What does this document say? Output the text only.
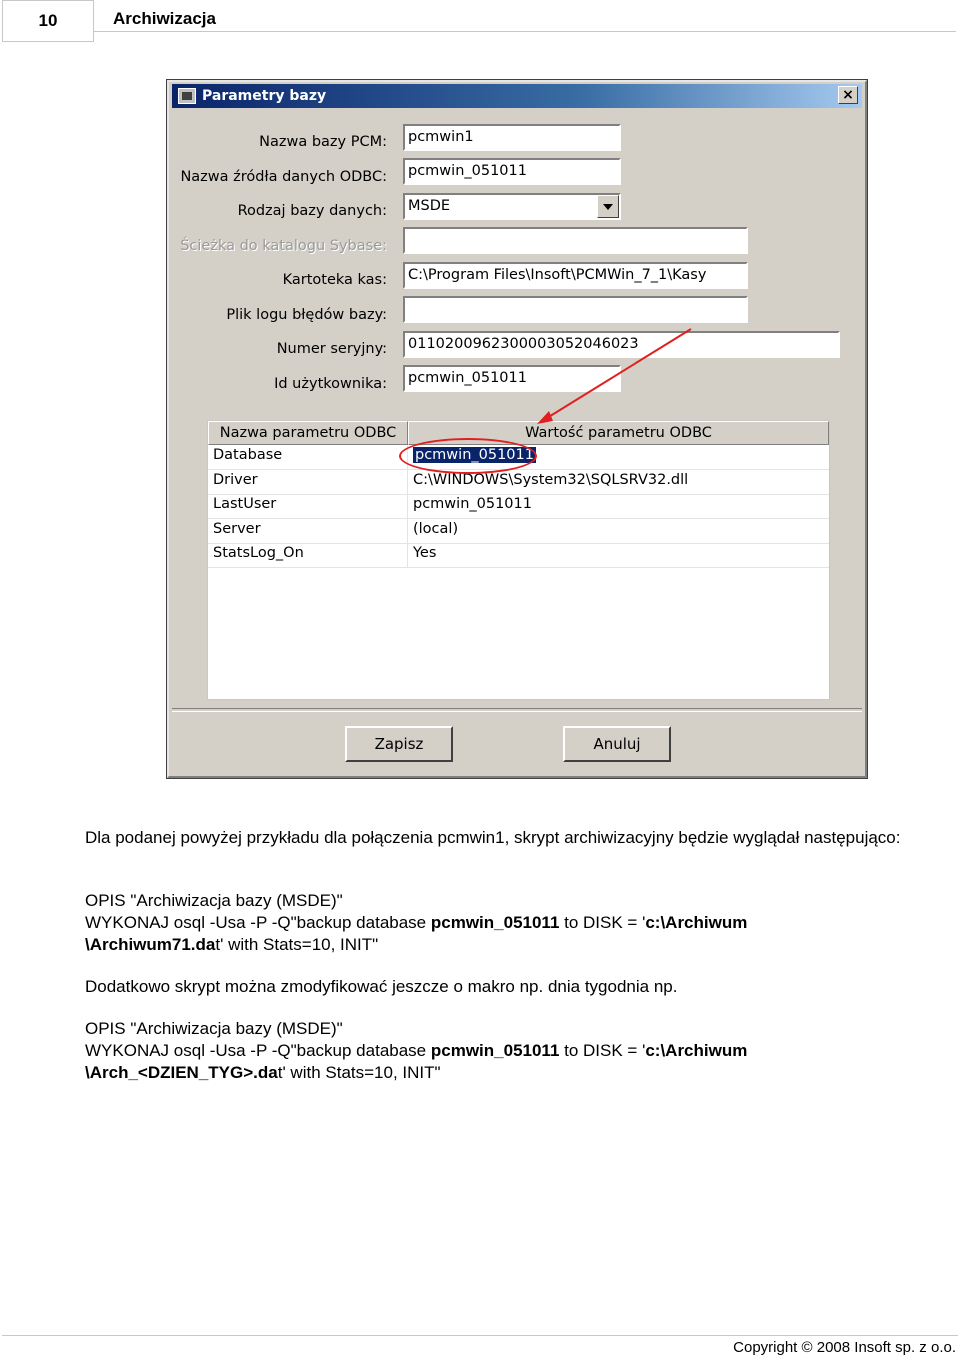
10	Archiwizacja
Parametry bazy	×
Nazwa bazy PCM:	pcmwin1
Nazwa źródła danych ODBC:	pcmwin_051011
Rodzaj bazy danych:	MSDE
Ścieżka do katalogu Sybase:
Kartoteka kas:	C:\Program Files\Insoft\PCMWin_7_1\Kasy
Plik logu błędów bazy:
Numer seryjny:	0110200962300003052046023
Id użytkownika:	pcmwin_051011
Nazwa parametru ODBC	Wartość parametru ODBC
Database	pcmwin_051011
Driver	C:\WINDOWS\System32\SQLSRV32.dll
LastUser	pcmwin_051011
Server	(local)
StatsLog_On	Yes
Zapisz	Anuluj
Dla podanej powyżej przykładu dla połączenia pcmwin1, skrypt archiwizacyjny będzie wyglądał następująco:
OPIS "Archiwizacja bazy (MSDE)"
WYKONAJ osql -Usa -P -Q"backup database pcmwin_051011 to DISK = 'c:\Archiwum
\Archiwum71.dat' with Stats=10, INIT"
Dodatkowo skrypt można zmodyfikować jeszcze o makro np. dnia tygodnia np.
OPIS "Archiwizacja bazy (MSDE)"
WYKONAJ osql -Usa -P -Q"backup database pcmwin_051011 to DISK = 'c:\Archiwum
\Arch_<DZIEN_TYG>.dat' with Stats=10, INIT"
Copyright © 2008 Insoft sp. z o.o.
